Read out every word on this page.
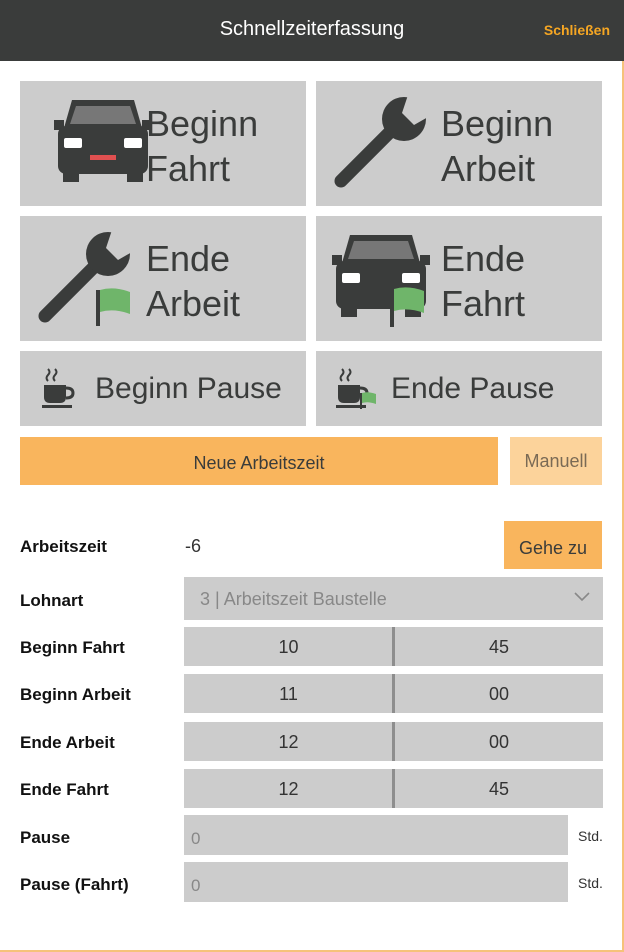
Schnellzeiterfassung	Schließen
Beginn
Fahrt
Beginn
Arbeit
Ende
Arbeit
Ende
Fahrt
Beginn Pause	Ende Pause
Neue Arbeitszeit	Manuell
Arbeitszeit	-6	Gehe zu
Lohnart	3 | Arbeitszeit Baustelle
Beginn Fahrt	10	45
Beginn Arbeit	11	00
Ende Arbeit	12	00
Ende Fahrt	12	45
Pause	0	Std.
Pause (Fahrt)	0	Std.
